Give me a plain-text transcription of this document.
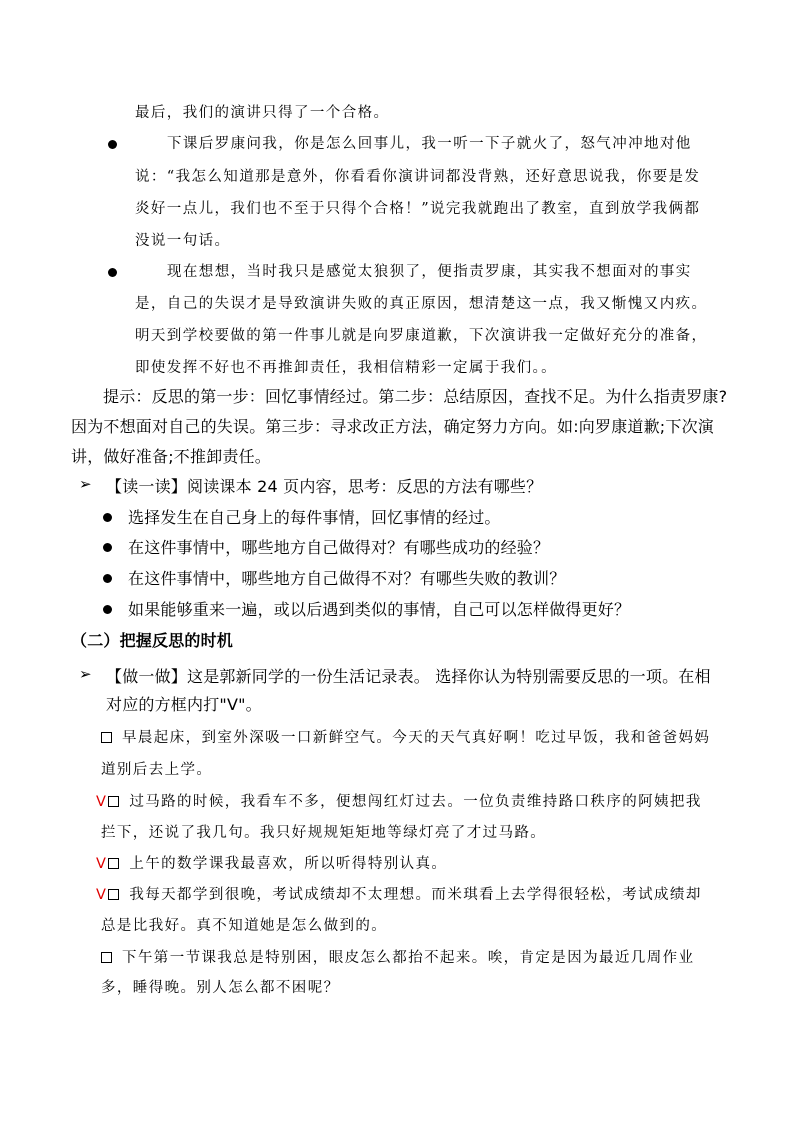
最后，我们的演讲只得了一个合格。
下课后罗康问我，你是怎么回事儿，我一听一下子就火了，怒气冲冲地对他
说：“我怎么知道那是意外，你看看你演讲词都没背熟，还好意思说我，你要是发
炎好一点儿，我们也不至于只得个合格！”说完我就跑出了教室，直到放学我俩都
没说一句话。
现在想想，当时我只是感觉太狼狈了，便指责罗康，其实我不想面对的事实
是，自己的失误才是导致演讲失败的真正原因，想清楚这一点，我又惭愧又内疚。
明天到学校要做的第一件事儿就是向罗康道歉，下次演讲我一定做好充分的准备，
即使发挥不好也不再推卸责任，我相信精彩一定属于我们。。
提示：反思的第一步：回忆事情经过。第二步：总结原因，查找不足。为什么指责罗康?
因为不想面对自己的失误。第三步：寻求改正方法，确定努力方向。如:向罗康道歉;下次演
讲，做好准备;不推卸责任。
➢ 【读一读】阅读课本 24 页内容，思考：反思的方法有哪些？
选择发生在自己身上的每件事情，回忆事情的经过。
在这件事情中，哪些地方自己做得对？有哪些成功的经验？
在这件事情中，哪些地方自己做得不对？有哪些失败的教训？
如果能够重来一遍，或以后遇到类似的事情，自己可以怎样做得更好？
（二）把握反思的时机
➢ 【做一做】这是郭新同学的一份生活记录表。 选择你认为特别需要反思的一项。在相
对应的方框内打"V"。
早晨起床，到室外深吸一口新鲜空气。今天的天气真好啊！吃过早饭，我和爸爸妈妈
道别后去上学。
V 过马路的时候，我看车不多，便想闯红灯过去。一位负责维持路口秩序的阿姨把我
拦下，还说了我几句。我只好规规矩矩地等绿灯亮了才过马路。
V 上午的数学课我最喜欢，所以听得特别认真。
V 我每天都学到很晚，考试成绩却不太理想。而米琪看上去学得很轻松，考试成绩却
总是比我好。真不知道她是怎么做到的。
下午第一节课我总是特别困，眼皮怎么都抬不起来。唉，肯定是因为最近几周作业
多，睡得晚。别人怎么都不困呢？
